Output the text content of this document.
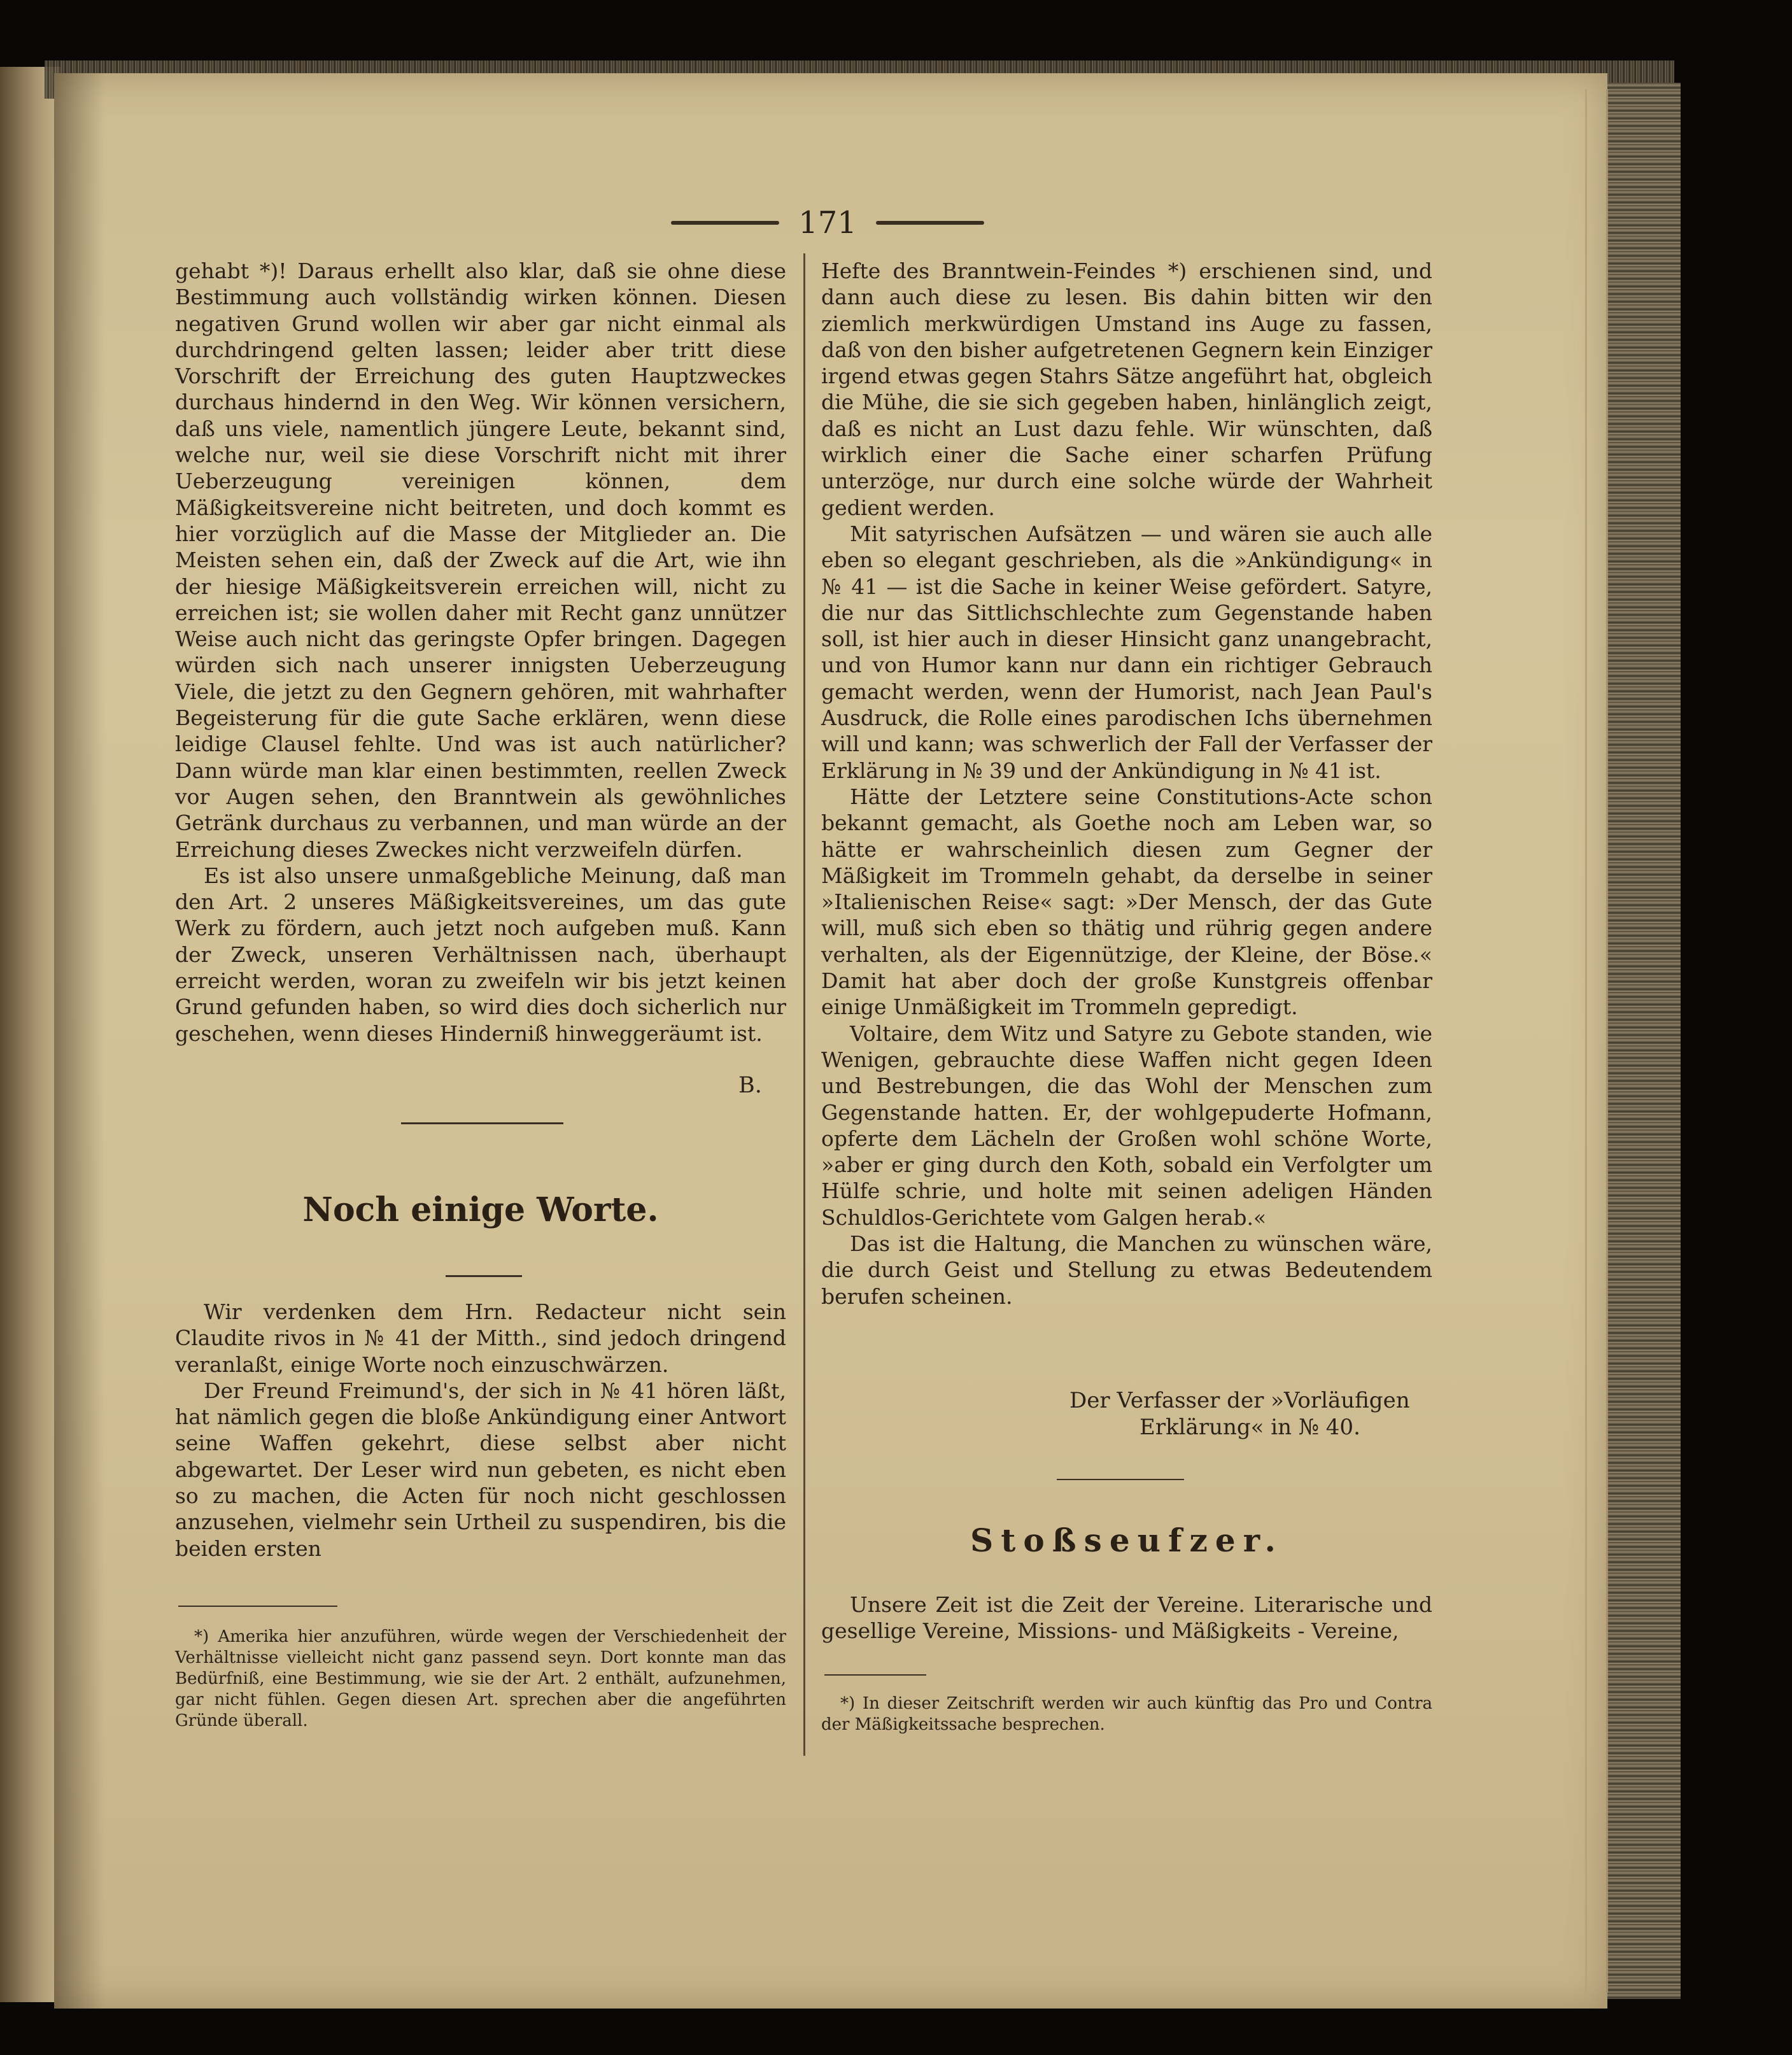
171

gehabt *)! Daraus erhellt also klar, daß sie ohne diese Bestimmung auch vollständig wirken können. Diesen negativen Grund wollen wir aber gar nicht einmal als durchdringend gelten lassen; leider aber tritt diese Vorschrift der Erreichung des guten Hauptzweckes durchaus hindernd in den Weg. Wir können versichern, daß uns viele, namentlich jüngere Leute, bekannt sind, welche nur, weil sie diese Vorschrift nicht mit ihrer Ueberzeugung vereinigen können, dem Mäßigkeitsvereine nicht beitreten, und doch kommt es hier vorzüglich auf die Masse der Mitglieder an. Die Meisten sehen ein, daß der Zweck auf die Art, wie ihn der hiesige Mäßigkeitsverein erreichen will, nicht zu erreichen ist; sie wollen daher mit Recht ganz unnützer Weise auch nicht das geringste Opfer bringen. Dagegen würden sich nach unserer innigsten Ueberzeugung Viele, die jetzt zu den Gegnern gehören, mit wahrhafter Begeisterung für die gute Sache erklären, wenn diese leidige Clausel fehlte. Und was ist auch natürlicher? Dann würde man klar einen bestimmten, reellen Zweck vor Augen sehen, den Branntwein als gewöhnliches Getränk durchaus zu verbannen, und man würde an der Erreichung dieses Zweckes nicht verzweifeln dürfen.

Es ist also unsere unmaßgebliche Meinung, daß man den Art. 2 unseres Mäßigkeitsvereines, um das gute Werk zu fördern, auch jetzt noch aufgeben muß. Kann der Zweck, unseren Verhältnissen nach, überhaupt erreicht werden, woran zu zweifeln wir bis jetzt keinen Grund gefunden haben, so wird dies doch sicherlich nur geschehen, wenn dieses Hinderniß hinweggeräumt ist.

B.
Noch einige Worte.

Wir verdenken dem Hrn. Redacteur nicht sein Claudite rivos in № 41 der Mitth., sind jedoch dringend veranlaßt, einige Worte noch einzuschwärzen.

Der Freund Freimund's, der sich in № 41 hören läßt, hat nämlich gegen die bloße Ankündigung einer Antwort seine Waffen gekehrt, diese selbst aber nicht abgewartet. Der Leser wird nun gebeten, es nicht eben so zu machen, die Acten für noch nicht geschlossen anzusehen, vielmehr sein Urtheil zu suspendiren, bis die beiden ersten

*) Amerika hier anzuführen, würde wegen der Verschiedenheit der Verhältnisse vielleicht nicht ganz passend seyn. Dort konnte man das Bedürfniß, eine Bestimmung, wie sie der Art. 2 enthält, aufzunehmen, gar nicht fühlen. Gegen diesen Art. sprechen aber die angeführten Gründe überall.

Hefte des Branntwein-Feindes *) erschienen sind, und dann auch diese zu lesen. Bis dahin bitten wir den ziemlich merkwürdigen Umstand ins Auge zu fassen, daß von den bisher aufgetretenen Gegnern kein Einziger irgend etwas gegen Stahrs Sätze angeführt hat, obgleich die Mühe, die sie sich gegeben haben, hinlänglich zeigt, daß es nicht an Lust dazu fehle. Wir wünschten, daß wirklich einer die Sache einer scharfen Prüfung unterzöge, nur durch eine solche würde der Wahrheit gedient werden.

Mit satyrischen Aufsätzen — und wären sie auch alle eben so elegant geschrieben, als die »Ankündigung« in № 41 — ist die Sache in keiner Weise gefördert. Satyre, die nur das Sittlichschlechte zum Gegenstande haben soll, ist hier auch in dieser Hinsicht ganz unangebracht, und von Humor kann nur dann ein richtiger Gebrauch gemacht werden, wenn der Humorist, nach Jean Paul's Ausdruck, die Rolle eines parodischen Ichs übernehmen will und kann; was schwerlich der Fall der Verfasser der Erklärung in № 39 und der Ankündigung in № 41 ist.

Hätte der Letztere seine Constitutions-Acte schon bekannt gemacht, als Goethe noch am Leben war, so hätte er wahrscheinlich diesen zum Gegner der Mäßigkeit im Trommeln gehabt, da derselbe in seiner »Italienischen Reise« sagt: »Der Mensch, der das Gute will, muß sich eben so thätig und rührig gegen andere verhalten, als der Eigennützige, der Kleine, der Böse.« Damit hat aber doch der große Kunstgreis offenbar einige Unmäßigkeit im Trommeln gepredigt.

Voltaire, dem Witz und Satyre zu Gebote standen, wie Wenigen, gebrauchte diese Waffen nicht gegen Ideen und Bestrebungen, die das Wohl der Menschen zum Gegenstande hatten. Er, der wohlgepuderte Hofmann, opferte dem Lächeln der Großen wohl schöne Worte, »aber er ging durch den Koth, sobald ein Verfolgter um Hülfe schrie, und holte mit seinen adeligen Händen Schuldlos-Gerichtete vom Galgen herab.«

Das ist die Haltung, die Manchen zu wünschen wäre, die durch Geist und Stellung zu etwas Bedeutendem berufen scheinen.

Der Verfasser der »Vorläufigen
Erklärung« in № 40.
Stoßseufzer.

Unsere Zeit ist die Zeit der Vereine. Literarische und gesellige Vereine, Missions- und Mäßigkeits - Vereine,

*) In dieser Zeitschrift werden wir auch künftig das Pro und Contra der Mäßigkeitssache besprechen.
